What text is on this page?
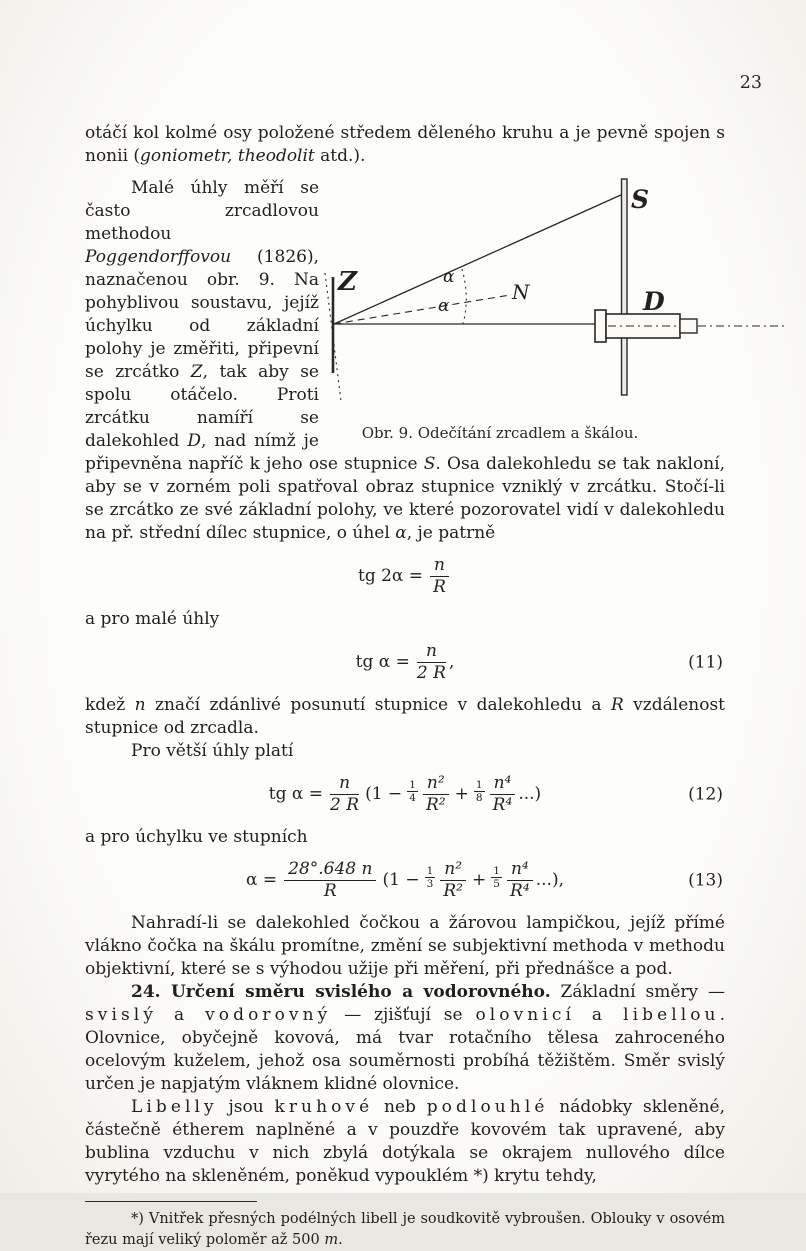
23

otáčí kol kolmé osy položené středem děleného kruhu a je pevně spojen s nonii (goniometr, theodolit atd.).

Z
S
D
N
α
α
Obr. 9. Odečítání zrcadlem a škálou.

Malé úhly měří se často zrcadlovou methodou Poggendorffovou (1826), naznačenou obr. 9. Na pohyblivou soustavu, jejíž úchylku od základní polohy je změřiti, připevní se zrcátko Z, tak aby se spolu otáčelo. Proti zrcátku namíří se dalekohled D, nad nímž je připevněna napříč k jeho ose stupnice S. Osa dalekohledu se tak nakloní, aby se v zorném poli spatřoval obraz stupnice vzniklý v zrcátku. Stočí-li se zrcátko ze své základní polohy, ve které pozorovatel vidí v dalekohledu na př. střední dílec stupnice, o úhel α, je patrně

tg $2\alpha = \frac{n}{R}$

a pro malé úhly

tg $\alpha = \frac{n}{2 R}$ ,	(11)

kdež n značí zdánlivé posunutí stupnice v dalekohledu a R vzdálenost stupnice od zrcadla.

Pro větší úhly platí

tg $\alpha = \frac{n}{2 R} (1 - \frac{1}{4} \frac{\text{n²}}{\text{R²}} + \frac{1}{8} \frac{\text{n⁴}}{\text{R⁴}}$ ...)	(12)

a pro úchylku ve stupních

$\alpha = \frac{28^\circ.648 n}{R} (1 - \frac{1}{3} \frac{\text{n²}}{\text{R²}} + \frac{1}{5} \frac{\text{n⁴}}{\text{R⁴}}$ ...),	(13)

Nahradí-li se dalekohled čočkou a žárovou lampičkou, jejíž přímé vlákno čočka na škálu promítne, změní se subjektivní methoda v methodu objektivní, které se s výhodou užije při měření, při přednášce a pod.

24. Určení směru svislého a vodorovného. Základní směry — svislý a vodorovný — zjišťují se olovnicí a libellou. Olovnice, obyčejně kovová, má tvar rotačního tělesa zahroceného ocelovým kuželem, jehož osa souměrnosti probíhá těžištěm. Směr svislý určen je napjatým vláknem klidné olovnice.

Libelly jsou kruhové neb podlouhlé nádobky skleněné, částečně étherem naplněné a v pouzdře kovovém tak upravené, aby bublina vzduchu v nich zbylá dotýkala se okrajem nullového dílce vyrytého na skleněném, poněkud vypouklém *) krytu tehdy,

*) Vnitřek přesných podélných libell je soudkovitě vybroušen. Oblouky v osovém řezu mají veliký poloměr až 500 m.
